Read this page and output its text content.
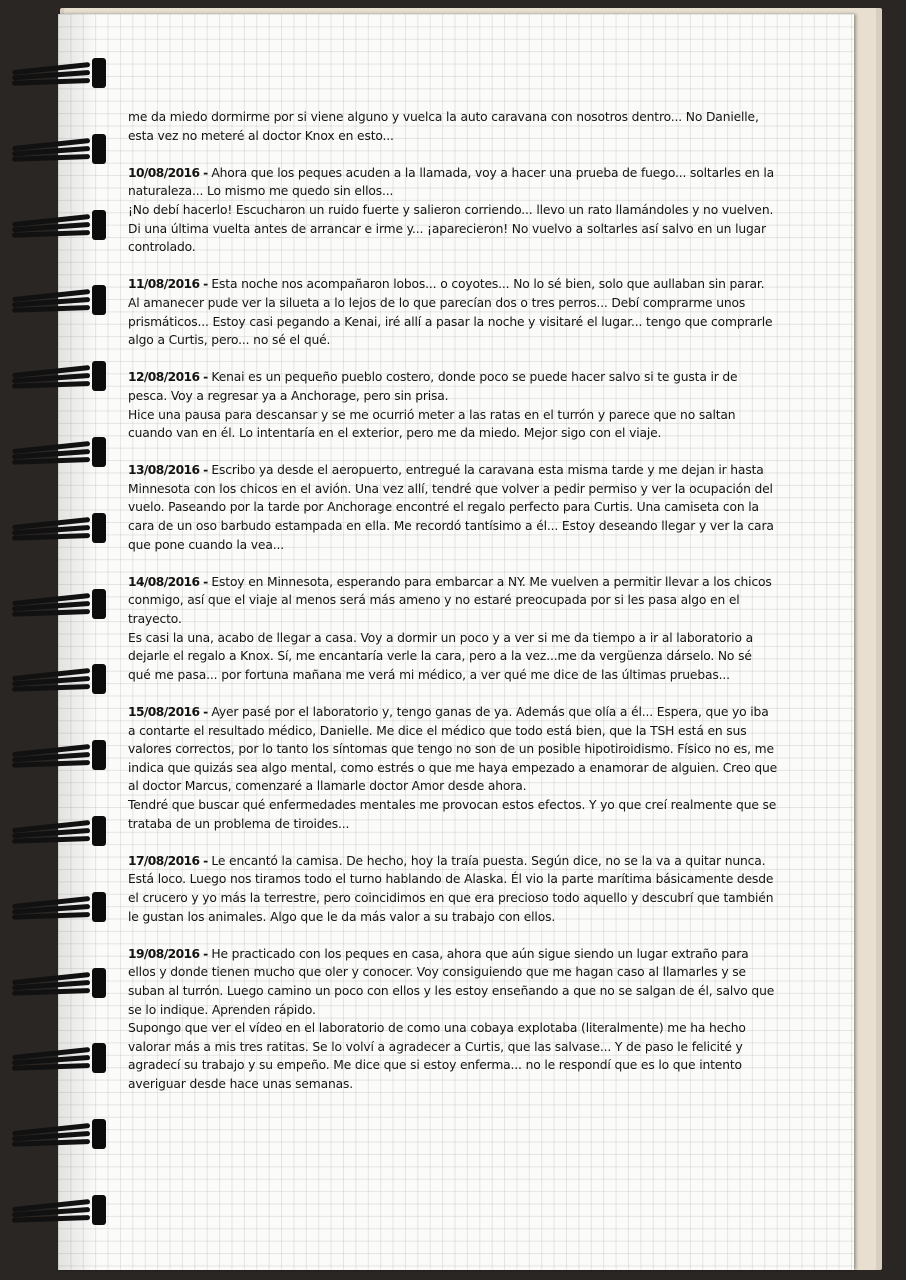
me da miedo dormirme por si viene alguno y vuelca la auto caravana con nosotros dentro... No Danielle, esta vez no meteré al doctor Knox en esto...

10/08/2016 - Ahora que los peques acuden a la llamada, voy a hacer una prueba de fuego... soltarles en la naturaleza... Lo mismo me quedo sin ellos...

¡No debí hacerlo! Escucharon un ruido fuerte y salieron corriendo... llevo un rato llamándoles y no vuelven. Di una última vuelta antes de arrancar e irme y... ¡aparecieron! No vuelvo a soltarles así salvo en un lugar controlado.

11/08/2016 - Esta noche nos acompañaron lobos... o coyotes... No lo sé bien, solo que aullaban sin parar. Al amanecer pude ver la silueta a lo lejos de lo que parecían dos o tres perros... Debí comprarme unos prismáticos... Estoy casi pegando a Kenai, iré allí a pasar la noche y visitaré el lugar... tengo que comprarle algo a Curtis, pero... no sé el qué.

12/08/2016 - Kenai es un pequeño pueblo costero, donde poco se puede hacer salvo si te gusta ir de pesca. Voy a regresar ya a Anchorage, pero sin prisa.

Hice una pausa para descansar y se me ocurrió meter a las ratas en el turrón y parece que no saltan cuando van en él. Lo intentaría en el exterior, pero me da miedo. Mejor sigo con el viaje.

13/08/2016 - Escribo ya desde el aeropuerto, entregué la caravana esta misma tarde y me dejan ir hasta Minnesota con los chicos en el avión. Una vez allí, tendré que volver a pedir permiso y ver la ocupación del vuelo. Paseando por la tarde por Anchorage encontré el regalo perfecto para Curtis. Una camiseta con la cara de un oso barbudo estampada en ella. Me recordó tantísimo a él... Estoy deseando llegar y ver la cara que pone cuando la vea...

14/08/2016 - Estoy en Minnesota, esperando para embarcar a NY. Me vuelven a permitir llevar a los chicos conmigo, así que el viaje al menos será más ameno y no estaré preocupada por si les pasa algo en el trayecto.

Es casi la una, acabo de llegar a casa. Voy a dormir un poco y a ver si me da tiempo a ir al laboratorio a dejarle el regalo a Knox. Sí, me encantaría verle la cara, pero a la vez...me da vergüenza dárselo. No sé qué me pasa... por fortuna mañana me verá mi médico, a ver qué me dice de las últimas pruebas...

15/08/2016 - Ayer pasé por el laboratorio y, tengo ganas de ya. Además que olía a él... Espera, que yo iba a contarte el resultado médico, Danielle. Me dice el médico que todo está bien, que la TSH está en sus valores correctos, por lo tanto los síntomas que tengo no son de un posible hipotiroidismo. Físico no es, me indica que quizás sea algo mental, como estrés o que me haya empezado a enamorar de alguien. Creo que al doctor Marcus, comenzaré a llamarle doctor Amor desde ahora.

Tendré que buscar qué enfermedades mentales me provocan estos efectos. Y yo que creí realmente que se trataba de un problema de tiroides...

17/08/2016 - Le encantó la camisa. De hecho, hoy la traía puesta. Según dice, no se la va a quitar nunca. Está loco. Luego nos tiramos todo el turno hablando de Alaska. Él vio la parte marítima básicamente desde el crucero y yo más la terrestre, pero coincidimos en que era precioso todo aquello y descubrí que también le gustan los animales. Algo que le da más valor a su trabajo con ellos.

19/08/2016 - He practicado con los peques en casa, ahora que aún sigue siendo un lugar extraño para ellos y donde tienen mucho que oler y conocer. Voy consiguiendo que me hagan caso al llamarles y se suban al turrón. Luego camino un poco con ellos y les estoy enseñando a que no se salgan de él, salvo que se lo indique. Aprenden rápido.

Supongo que ver el vídeo en el laboratorio de como una cobaya explotaba (literalmente) me ha hecho valorar más a mis tres ratitas. Se lo volví a agradecer a Curtis, que las salvase... Y de paso le felicité y agradecí su trabajo y su empeño. Me dice que si estoy enferma... no le respondí que es lo que intento averiguar desde hace unas semanas.
